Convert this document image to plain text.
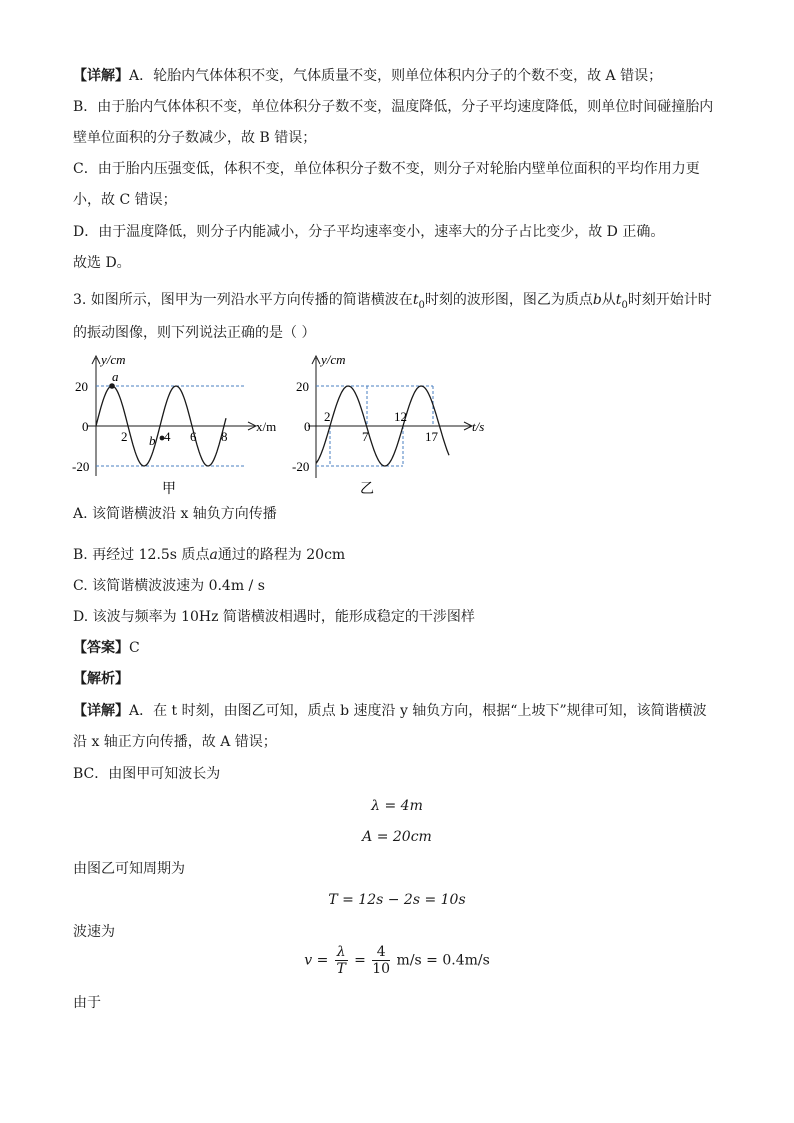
【详解】A．轮胎内气体体积不变，气体质量不变，则单位体积内分子的个数不变，故 A 错误；
B．由于胎内气体体积不变，单位体积分子数不变，温度降低，分子平均速度降低，则单位时间碰撞胎内
壁单位面积的分子数减少，故 B 错误；
C．由于胎内压强变低，体积不变，单位体积分子数不变，则分子对轮胎内壁单位面积的平均作用力更
小，故 C 错误；
D．由于温度降低，则分子内能减小，分子平均速率变小，速率大的分子占比变少，故 D 正确。
故选 D。
3. 如图所示，图甲为一列沿水平方向传播的简谐横波在$t_0$时刻的波形图，图乙为质点b从$t_0$时刻开始计时
的振动图像，则下列说法正确的是（ ）
y/cm
a
b
x/m
20
0
-20
2	4 6 8
甲
y/cm
t/s
20
0
-20
2
7
12
17
乙
A. 该简谐横波沿 x 轴负方向传播
B. 再经过 12.5s 质点a通过的路程为 20cm
C. 该简谐横波波速为 0.4m / s
D. 该波与频率为 10Hz 简谐横波相遇时，能形成稳定的干涉图样
【答案】C
【解析】
【详解】A．在 t 时刻，由图乙可知，质点 b 速度沿 y 轴负方向，根据“上坡下”规律可知，该简谐横波
沿 x 轴正方向传播，故 A 错误；
BC．由图甲可知波长为
λ = 4m
A = 20cm
由图乙可知周期为
T = 12s − 2s = 10s
波速为
$v = \frac{\lambda}{T} = \frac{4}{10} m/s = 0.4m/s$
由于
